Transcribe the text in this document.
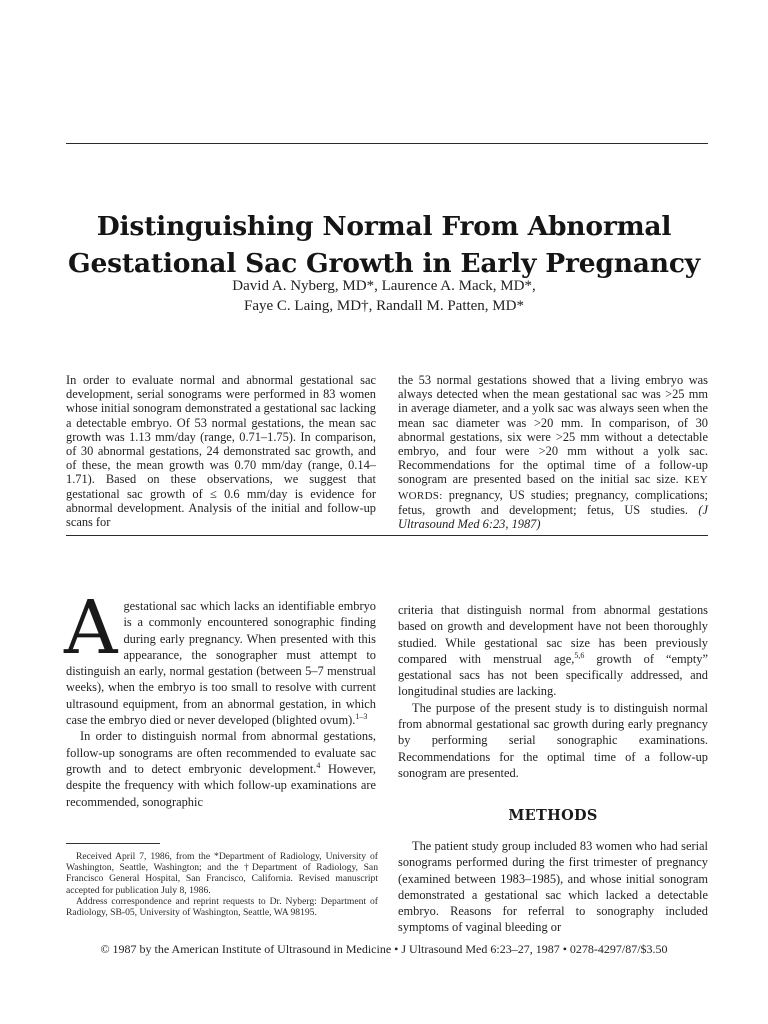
Distinguishing Normal From Abnormal
Gestational Sac Growth in Early Pregnancy
David A. Nyberg, MD*, Laurence A. Mack, MD*,
Faye C. Laing, MD†, Randall M. Patten, MD*

In order to evaluate normal and abnormal gestational sac development, serial sonograms were performed in 83 women whose initial sonogram demonstrated a gestational sac lacking a detectable embryo. Of 53 normal gestations, the mean sac growth was 1.13 mm/day (range, 0.71–1.75). In comparison, of 30 abnormal gestations, 24 demonstrated sac growth, and of these, the mean growth was 0.70 mm/day (range, 0.14–1.71). Based on these observations, we suggest that gestational sac growth of ≤ 0.6 mm/day is evidence for abnormal development. Analysis of the initial and follow-up scans for

the 53 normal gestations showed that a living embryo was always detected when the mean gestational sac was >25 mm in average diameter, and a yolk sac was always seen when the mean sac diameter was >20 mm. In comparison, of 30 abnormal gestations, six were >25 mm without a detectable embryo, and four were >20 mm without a yolk sac. Recommendations for the optimal time of a follow-up sonogram are presented based on the initial sac size. KEY WORDS: pregnancy, US studies; pregnancy, complications; fetus, growth and development; fetus, US studies. (J Ultrasound Med 6:23, 1987)

Agestational sac which lacks an identifiable embryo is a commonly encountered sonographic finding during early pregnancy. When presented with this appearance, the sonographer must attempt to distinguish an early, normal gestation (between 5–7 menstrual weeks), when the embryo is too small to resolve with current ultrasound equipment, from an abnormal gestation, in which case the embryo died or never developed (blighted ovum).$^{1-3}$

In order to distinguish normal from abnormal gestations, follow-up sonograms are often recommended to evaluate sac growth and to detect embryonic development.$^4$ However, despite the frequency with which follow-up examinations are recommended, sonographic

criteria that distinguish normal from abnormal gestations based on growth and development have not been thoroughly studied. While gestational sac size has been previously compared with menstrual age,$^{5,6}$ growth of “empty” gestational sacs has not been specifically addressed, and longitudinal studies are lacking.

The purpose of the present study is to distinguish normal from abnormal gestational sac growth during early pregnancy by performing serial sonographic examinations. Recommendations for the optimal time of a follow-up sonogram are presented.

METHODS

The patient study group included 83 women who had serial sonograms performed during the first trimester of pregnancy (examined between 1983–1985), and whose initial sonogram demonstrated a gestational sac which lacked a detectable embryo. Reasons for referral to sonography included symptoms of vaginal bleeding or

Received April 7, 1986, from the *Department of Radiology, University of Washington, Seattle, Washington; and the †Department of Radiology, San Francisco General Hospital, San Francisco, California. Revised manuscript accepted for publication July 8, 1986.

Address correspondence and reprint requests to Dr. Nyberg: Department of Radiology, SB-05, University of Washington, Seattle, WA 98195.

© 1987 by the American Institute of Ultrasound in Medicine • J Ultrasound Med 6:23–27, 1987 • 0278-4297/87/$3.50
